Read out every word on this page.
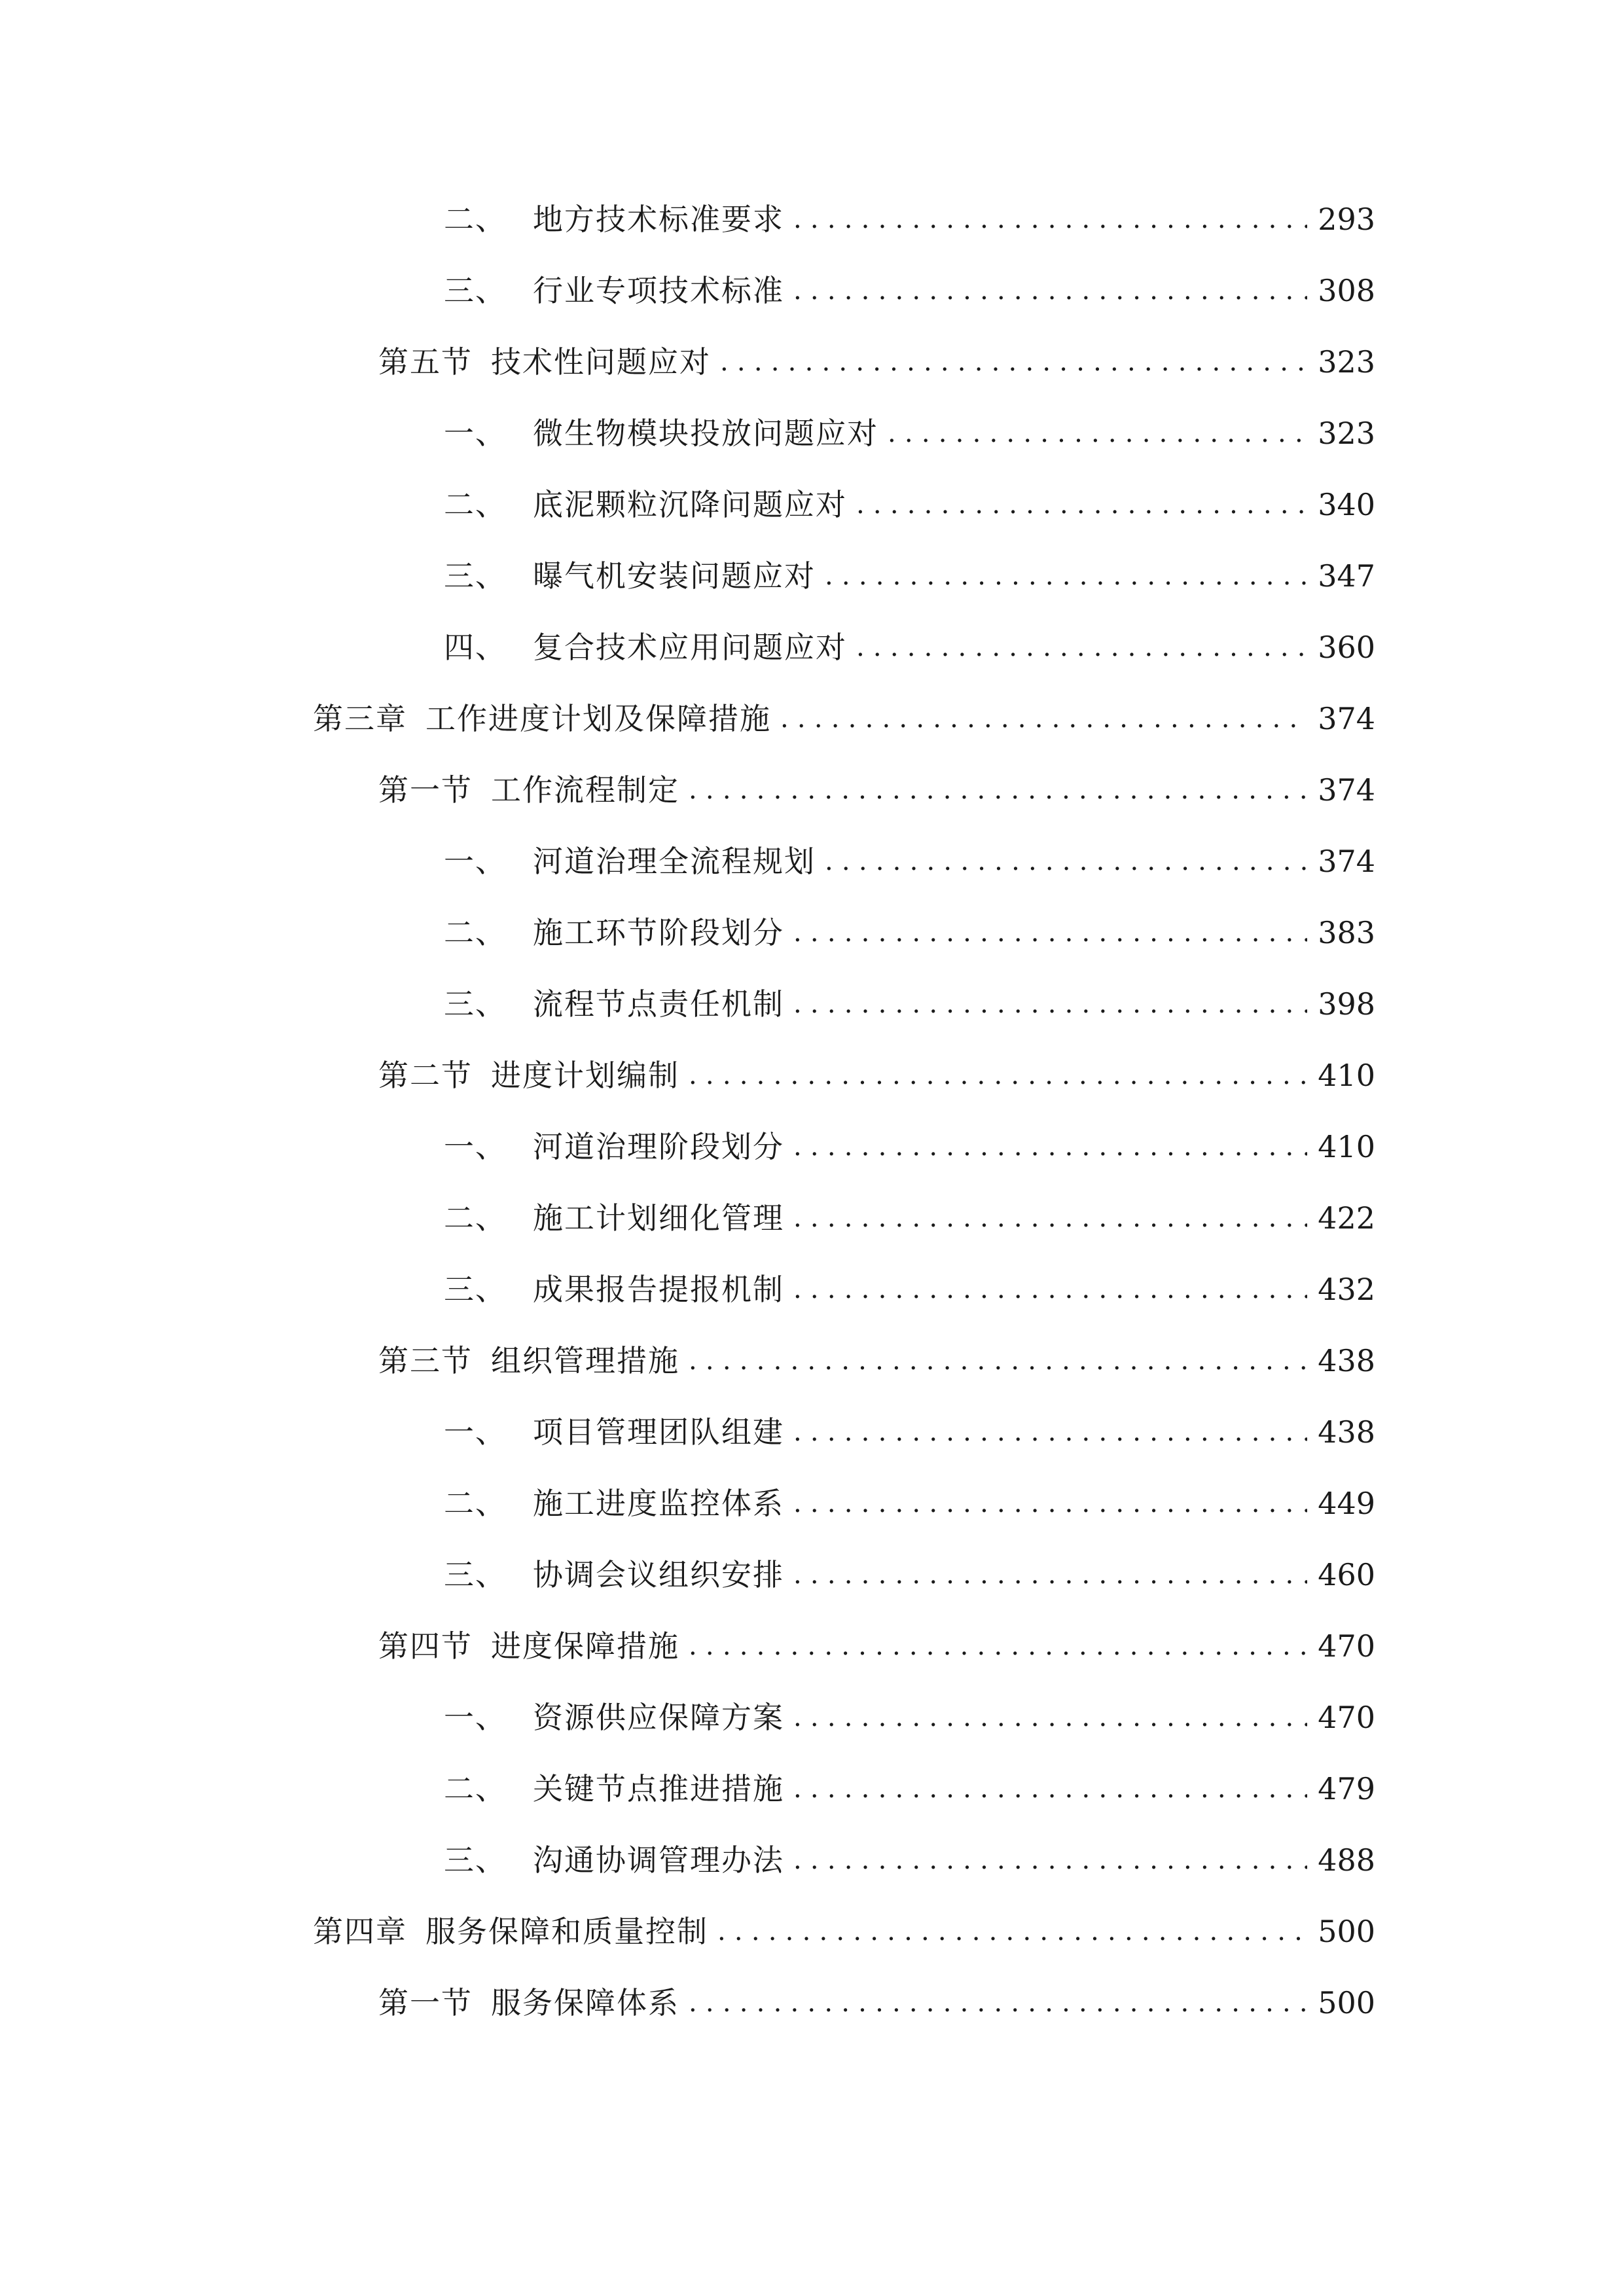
二、 地方技术标准要求 .....	293
三、 行业专项技术标准 .....	308
第五节 技术性问题应对 .....	323
一、 微生物模块投放问题应对 .....	323
二、 底泥颗粒沉降问题应对 .....	340
三、 曝气机安装问题应对 .....	347
四、 复合技术应用问题应对 .....	360
第三章 工作进度计划及保障措施 .....	374
第一节 工作流程制定 .....	374
一、 河道治理全流程规划 .....	374
二、 施工环节阶段划分 .....	383
三、 流程节点责任机制 .....	398
第二节 进度计划编制 .....	410
一、 河道治理阶段划分 .....	410
二、 施工计划细化管理 .....	422
三、 成果报告提报机制 .....	432
第三节 组织管理措施 .....	438
一、 项目管理团队组建 .....	438
二、 施工进度监控体系 .....	449
三、 协调会议组织安排 .....	460
第四节 进度保障措施 .....	470
一、 资源供应保障方案 .....	470
二、 关键节点推进措施 .....	479
三、 沟通协调管理办法 .....	488
第四章 服务保障和质量控制 .....	500
第一节 服务保障体系 .....	500
